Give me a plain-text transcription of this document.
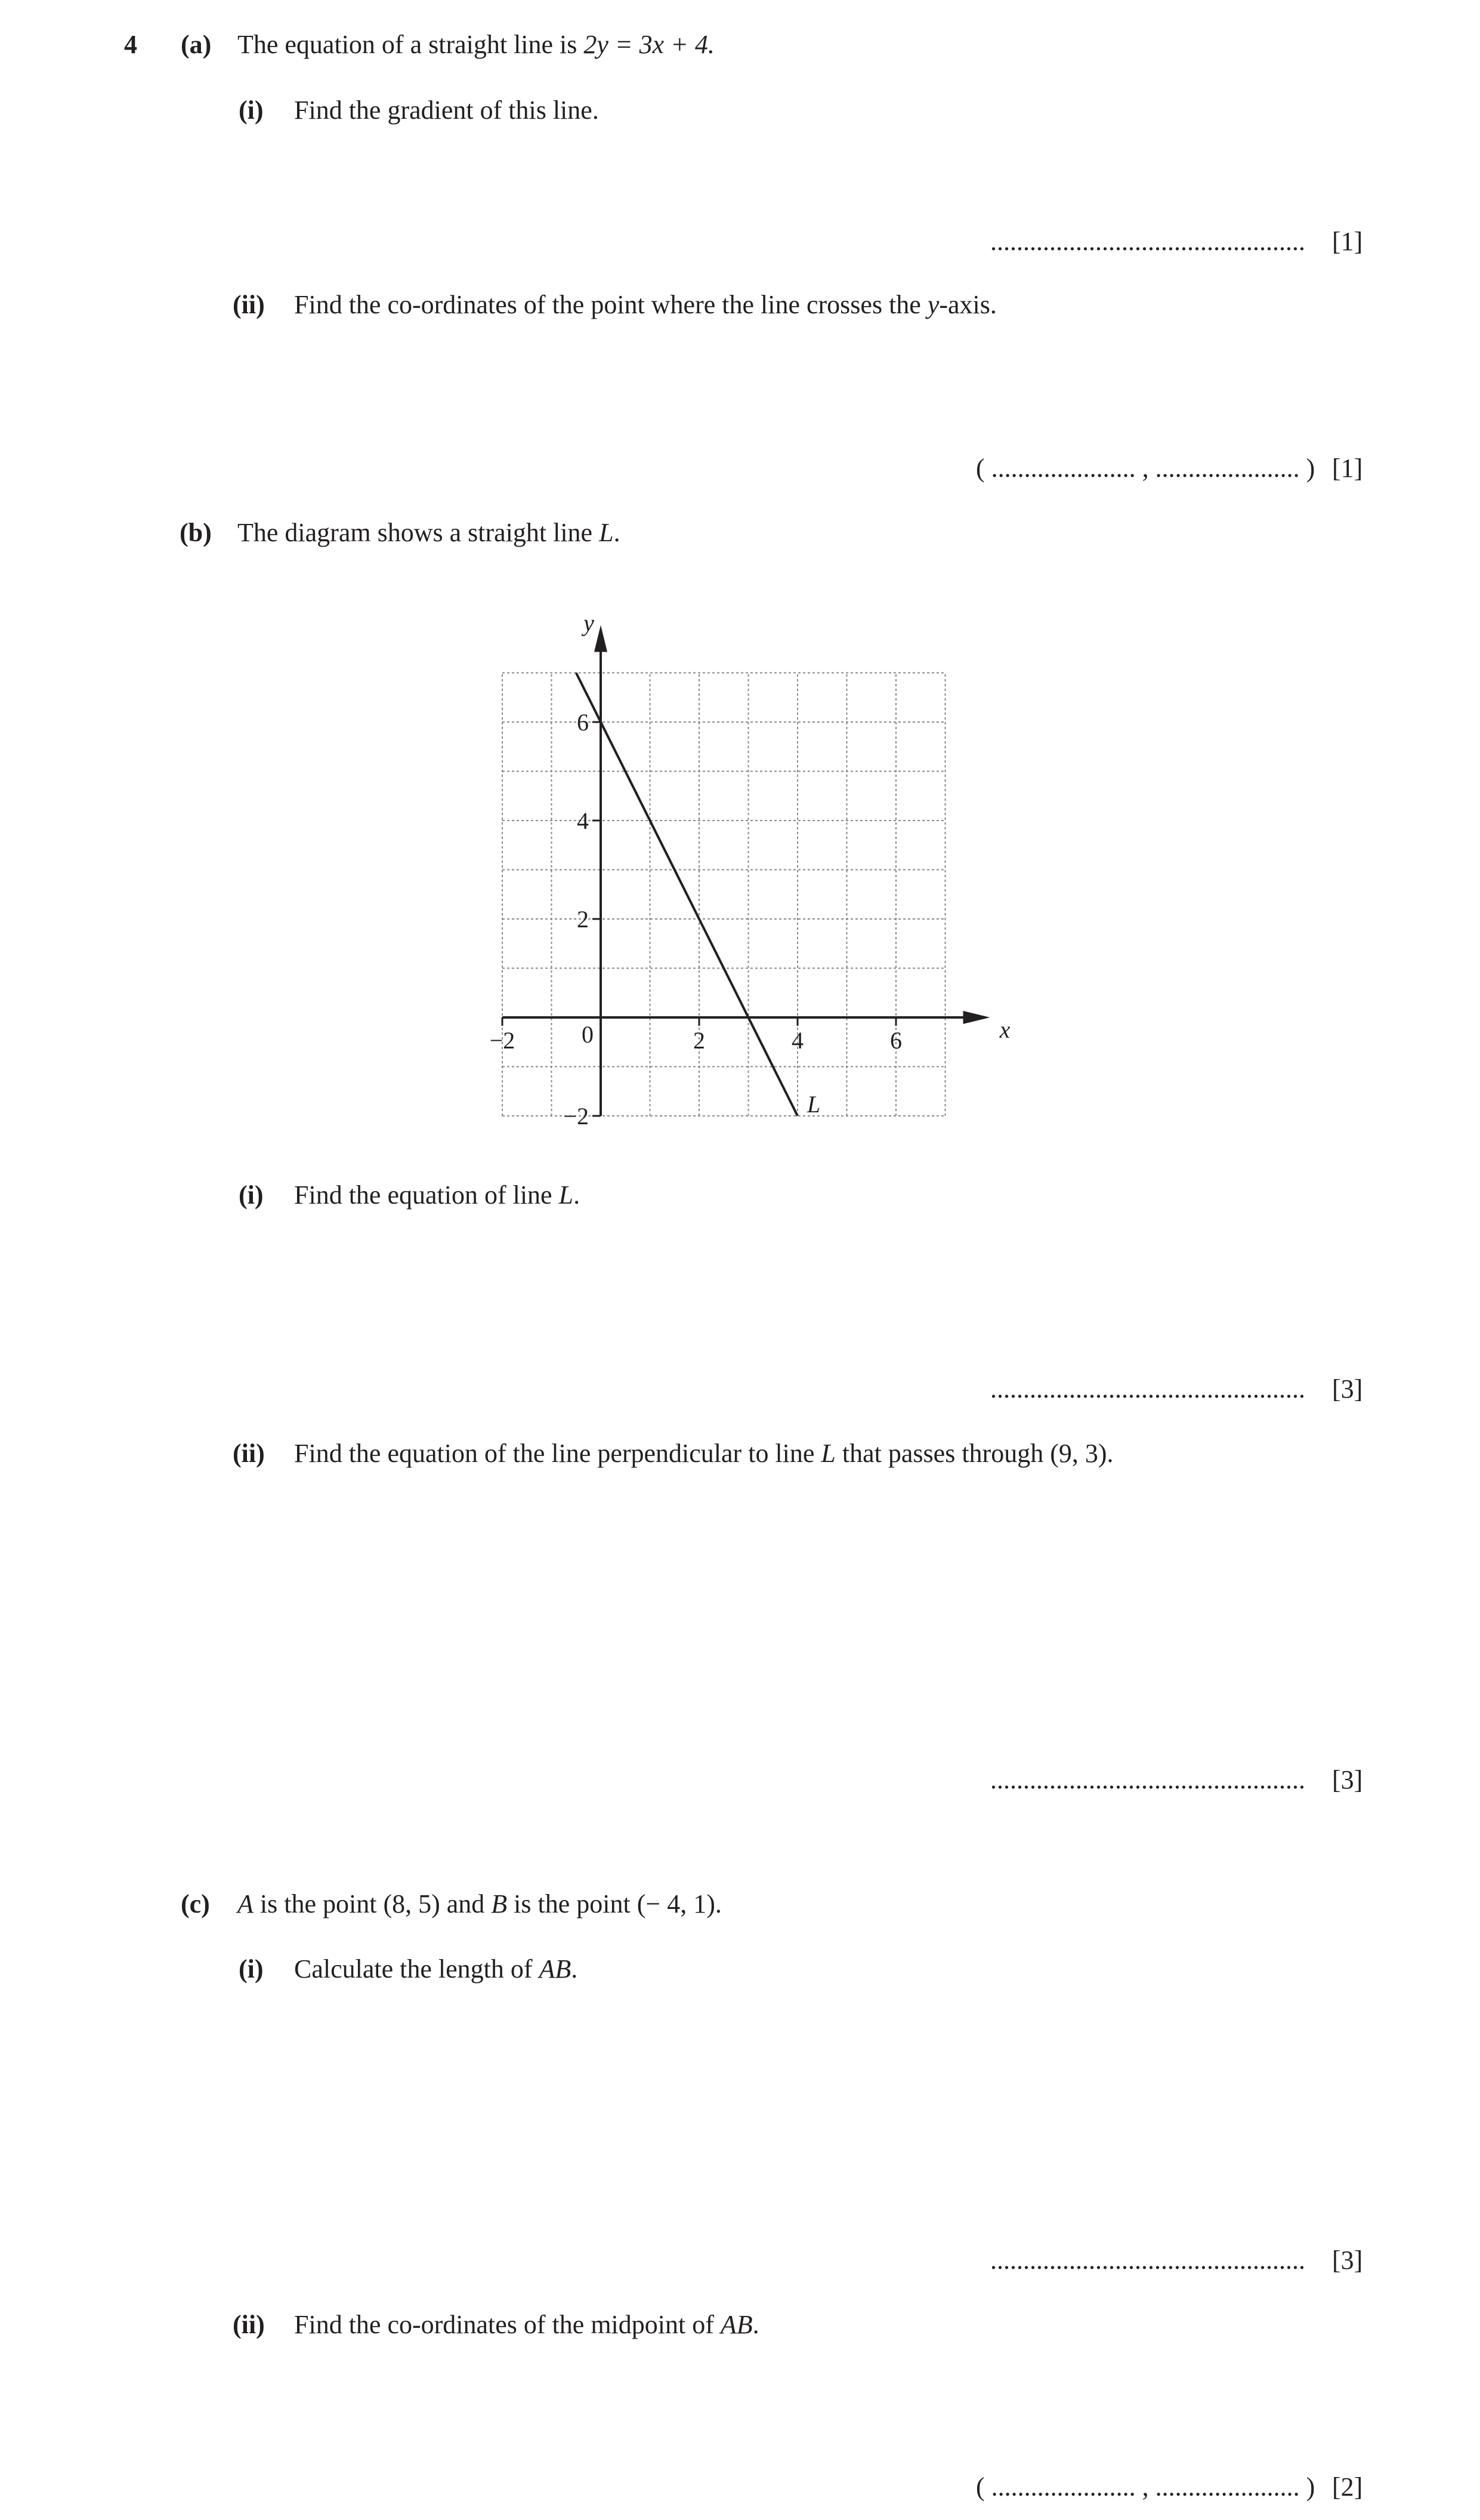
4 (a) The equation of a straight line is 2y = 3x + 4.
(i) Find the gradient of this line.
................................................ [1]
(ii) Find the co-ordinates of the point where the line crosses the y-axis.
( ...................... , ...................... ) [1]
(b) The diagram shows a straight line L.
−2	2	4	6
−2
2
4
6
x
y
0
L
(i) Find the equation of line L.
................................................ [3]
(ii) Find the equation of the line perpendicular to line L that passes through (9, 3).
................................................ [3]
(c) A is the point (8, 5) and B is the point (− 4, 1).
(i) Calculate the length of AB.
................................................ [3]
(ii) Find the co-ordinates of the midpoint of AB.
( ...................... , ...................... ) [2]
